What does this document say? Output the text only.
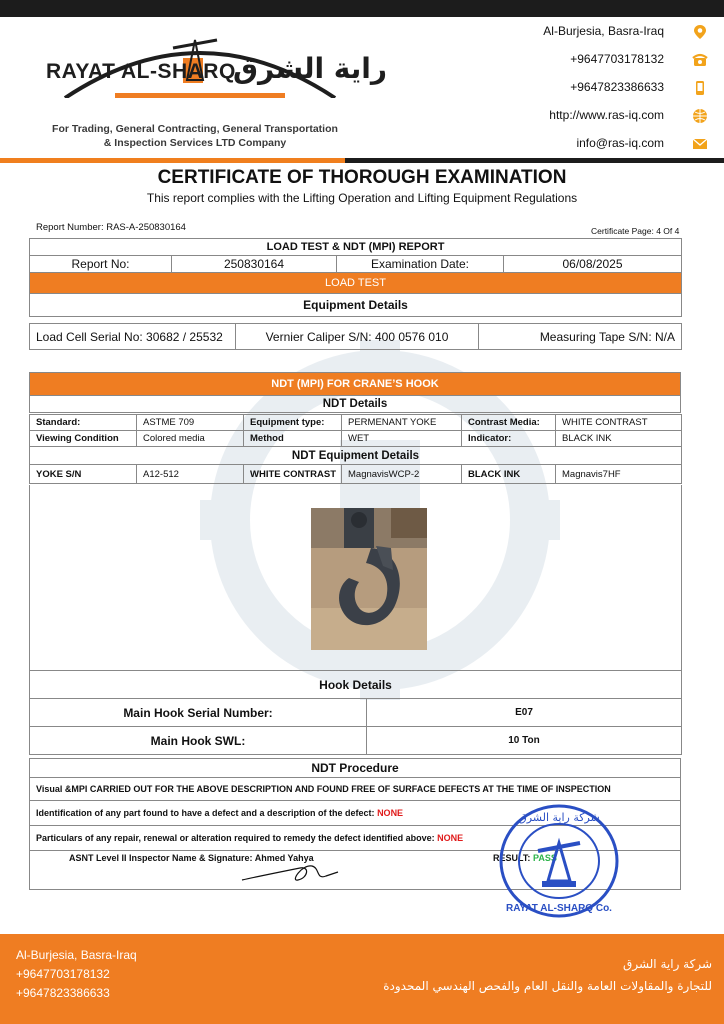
RAYAT AL-SHARQ
راية الشرق
For Trading, General Contracting, General Transportation
& Inspection Services LTD Company
Al-Burjesia, Basra-Iraq
+9647703178132
+9647823386633
http://www.ras-iq.com
info@ras-iq.com
CERTIFICATE OF THOROUGH EXAMINATION
This report complies with the Lifting Operation and Lifting Equipment Regulations
Report Number: RAS-A-250830164	Certificate Page: 4 Of 4
LOAD TEST & NDT (MPI) REPORT
Report No:	250830164	Examination Date:	06/08/2025
LOAD TEST
Equipment Details
Load Cell Serial No: 30682 / 25532	Vernier Caliper S/N: 400 0576 010	Measuring Tape S/N: N/A
NDT (MPI) FOR CRANE’S HOOK
NDT Details
Standard:	ASTME 709	Equipment type:	PERMENANT YOKE	Contrast Media:	WHITE CONTRAST
Viewing Condition	Colored media	Method	WET	Indicator:	BLACK INK
NDT Equipment Details					
YOKE S/N	A12-512	WHITE CONTRAST	MagnavisWCP-2	BLACK INK	Magnavis7HF
Hook Details	
Main Hook Serial Number:	E07
Main Hook SWL:	10 Ton
NDT Procedure
Visual &MPI CARRIED OUT FOR THE ABOVE DESCRIPTION AND FOUND FREE OF SURFACE DEFECTS AT THE TIME OF INSPECTION
Identification of any part found to have a defect and a description of the defect: NONE
Particulars of any repair, renewal or alteration required to remedy the defect identified above: NONE
ASNT Level II Inspector Name & Signature: Ahmed Yahya	RESULT: PASS
شركة راية الشرق
RAYAT AL-SHARQ Co.
Al-Burjesia, Basra-Iraq
+9647703178132
+9647823386633
شركة راية الشرق
للتجارة والمقاولات العامة والنقل العام والفحص الهندسي المحدودة
